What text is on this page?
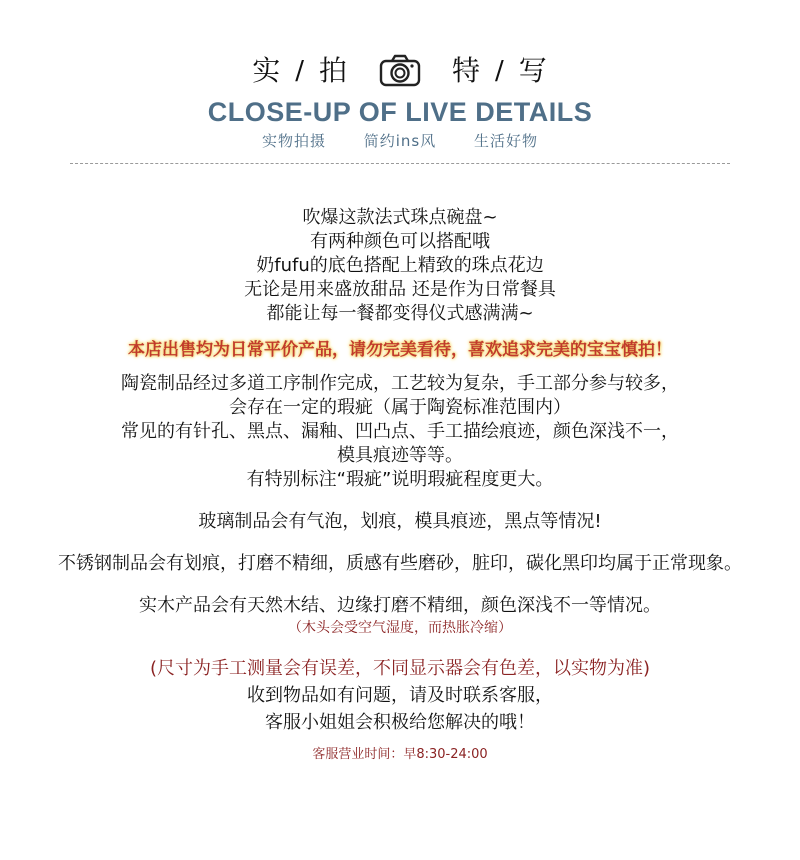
实 / 拍	特 / 写
CLOSE-UP OF LIVE DETAILS
实物拍摄	简约ins风	生活好物
吹爆这款法式珠点碗盘~
有两种颜色可以搭配哦
奶fufu的底色搭配上精致的珠点花边
无论是用来盛放甜品 还是作为日常餐具
都能让每一餐都变得仪式感满满~
本店出售均为日常平价产品，请勿完美看待，喜欢追求完美的宝宝慎拍！
陶瓷制品经过多道工序制作完成，工艺较为复杂，手工部分参与较多，
会存在一定的瑕疵（属于陶瓷标准范围内）
常见的有针孔、黑点、漏釉、凹凸点、手工描绘痕迹，颜色深浅不一，
模具痕迹等等。
有特别标注“瑕疵”说明瑕疵程度更大。
玻璃制品会有气泡，划痕，模具痕迹，黑点等情况!
不锈钢制品会有划痕，打磨不精细，质感有些磨砂，脏印，碳化黑印均属于正常现象。
实木产品会有天然木结、边缘打磨不精细，颜色深浅不一等情况。
（木头会受空气湿度，而热胀冷缩）
(尺寸为手工测量会有误差，不同显示器会有色差，以实物为准)
收到物品如有问题，请及时联系客服，
客服小姐姐会积极给您解决的哦！
客服营业时间：早8:30-24:00
